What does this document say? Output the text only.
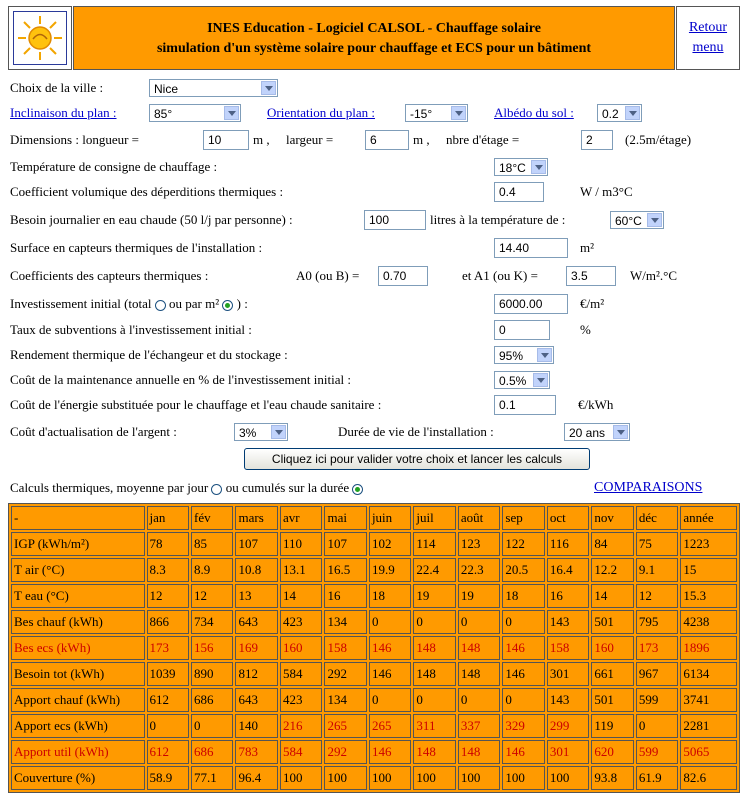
INES Education - Logiciel CALSOL - Chauffage solaire
simulation d'un système solaire pour chauffage et ECS pour un bâtiment
Retour
menu
Choix de la ville :	Nice
Inclinaison du plan :	85°	Orientation du plan :	-15°	Albédo du sol :	0.2
Dimensions : longueur =	10	m , largeur =	6	m , nbre d'étage =	2	(2.5m/étage)
Température de consigne de chauffage :	18°C
Coefficient volumique des déperditions thermiques :	0.4	W / m3°C
Besoin journalier en eau chaude (50 l/j par personne) :	100	litres à la température de :	60°C
Surface en capteurs thermiques de l'installation :	14.40	m²
Coefficients des capteurs thermiques :	A0 (ou B) =	0.70	et A1 (ou K) =	3.5	W/m².°C
Investissement initial (total ou par m² ) :	6000.00	€/m²
Taux de subventions à l'investissement initial :	0	%
Rendement thermique de l'échangeur et du stockage :	95%
Coût de la maintenance annuelle en % de l'investissement initial :	0.5%
Coût de l'énergie substituée pour le chauffage et l'eau chaude sanitaire :	0.1	€/kWh
Coût d'actualisation de l'argent :	3%	Durée de vie de l'installation :	20 ans
Cliquez ici pour valider votre choix et lancer les calculs
Calculs thermiques, moyenne par jour ou cumulés sur la durée	COMPARAISONS
-	jan	fév	mars	avr	mai	juin	juil	août	sep	oct	nov	déc	année
IGP (kWh/m²)	78	85	107	110	107	102	114	123	122	116	84	75	1223
T air (°C)	8.3	8.9	10.8	13.1	16.5	19.9	22.4	22.3	20.5	16.4	12.2	9.1	15
T eau (°C)	12	12	13	14	16	18	19	19	18	16	14	12	15.3
Bes chauf (kWh)	866	734	643	423	134	0	0	0	0	143	501	795	4238
Bes ecs (kWh)	173	156	169	160	158	146	148	148	146	158	160	173	1896
Besoin tot (kWh)	1039	890	812	584	292	146	148	148	146	301	661	967	6134
Apport chauf (kWh)	612	686	643	423	134	0	0	0	0	143	501	599	3741
Apport ecs (kWh)	0	0	140	216	265	265	311	337	329	299	119	0	2281
Apport util (kWh)	612	686	783	584	292	146	148	148	146	301	620	599	5065
Couverture (%)	58.9	77.1	96.4	100	100	100	100	100	100	100	93.8	61.9	82.6
